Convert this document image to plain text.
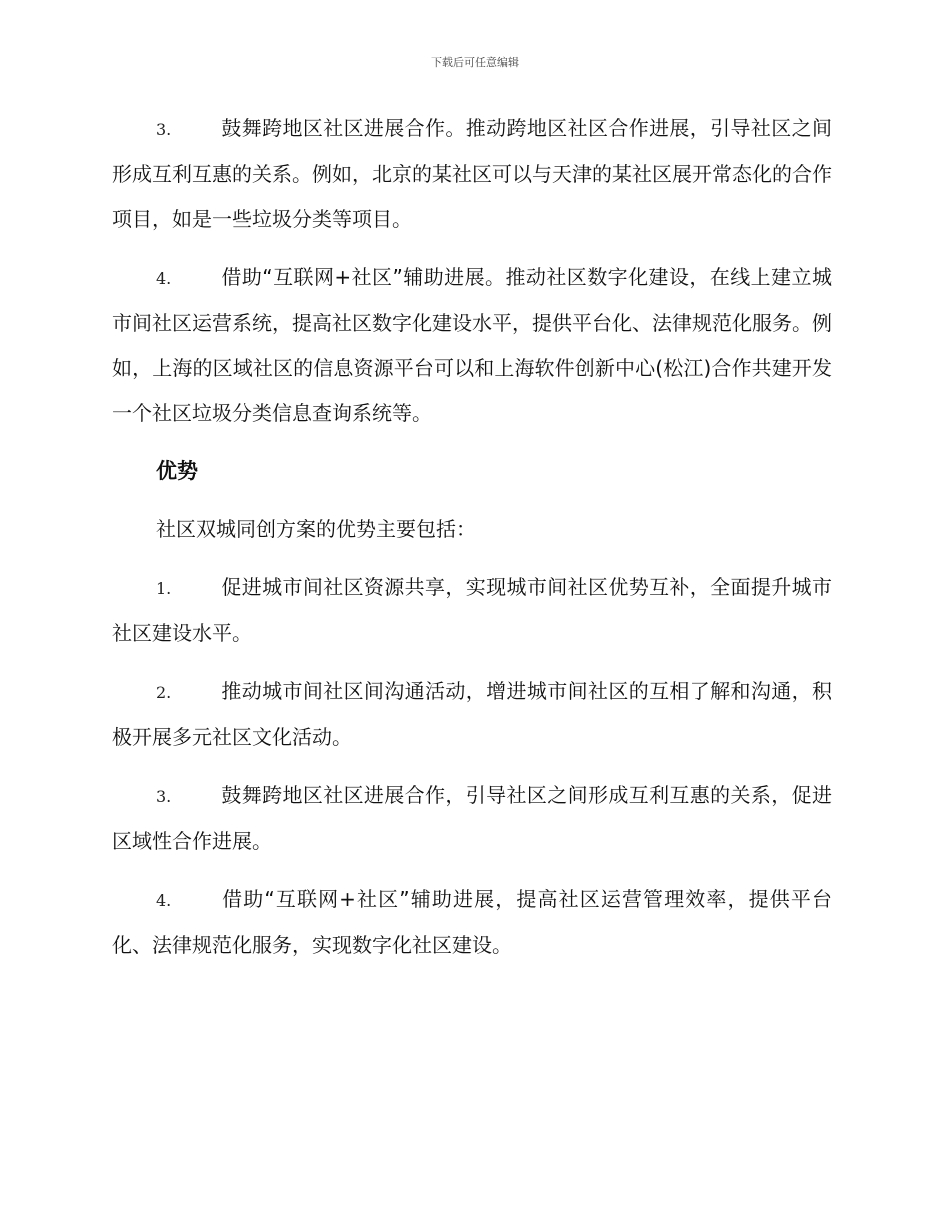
下载后可任意编辑

3. 鼓舞跨地区社区进展合作。推动跨地区社区合作进展，引导社区之间形成互利互惠的关系。例如，北京的某社区可以与天津的某社区展开常态化的合作项目，如是一些垃圾分类等项目。

4. 借助“互联网+社区”辅助进展。推动社区数字化建设，在线上建立城市间社区运营系统，提高社区数字化建设水平，提供平台化、法律规范化服务。例如，上海的区域社区的信息资源平台可以和上海软件创新中心(松江)合作共建开发一个社区垃圾分类信息查询系统等。

优势

社区双城同创方案的优势主要包括：

1. 促进城市间社区资源共享，实现城市间社区优势互补，全面提升城市社区建设水平。

2. 推动城市间社区间沟通活动，增进城市间社区的互相了解和沟通，积极开展多元社区文化活动。

3. 鼓舞跨地区社区进展合作，引导社区之间形成互利互惠的关系，促进区域性合作进展。

4. 借助“互联网+社区”辅助进展，提高社区运营管理效率，提供平台化、法律规范化服务，实现数字化社区建设。
